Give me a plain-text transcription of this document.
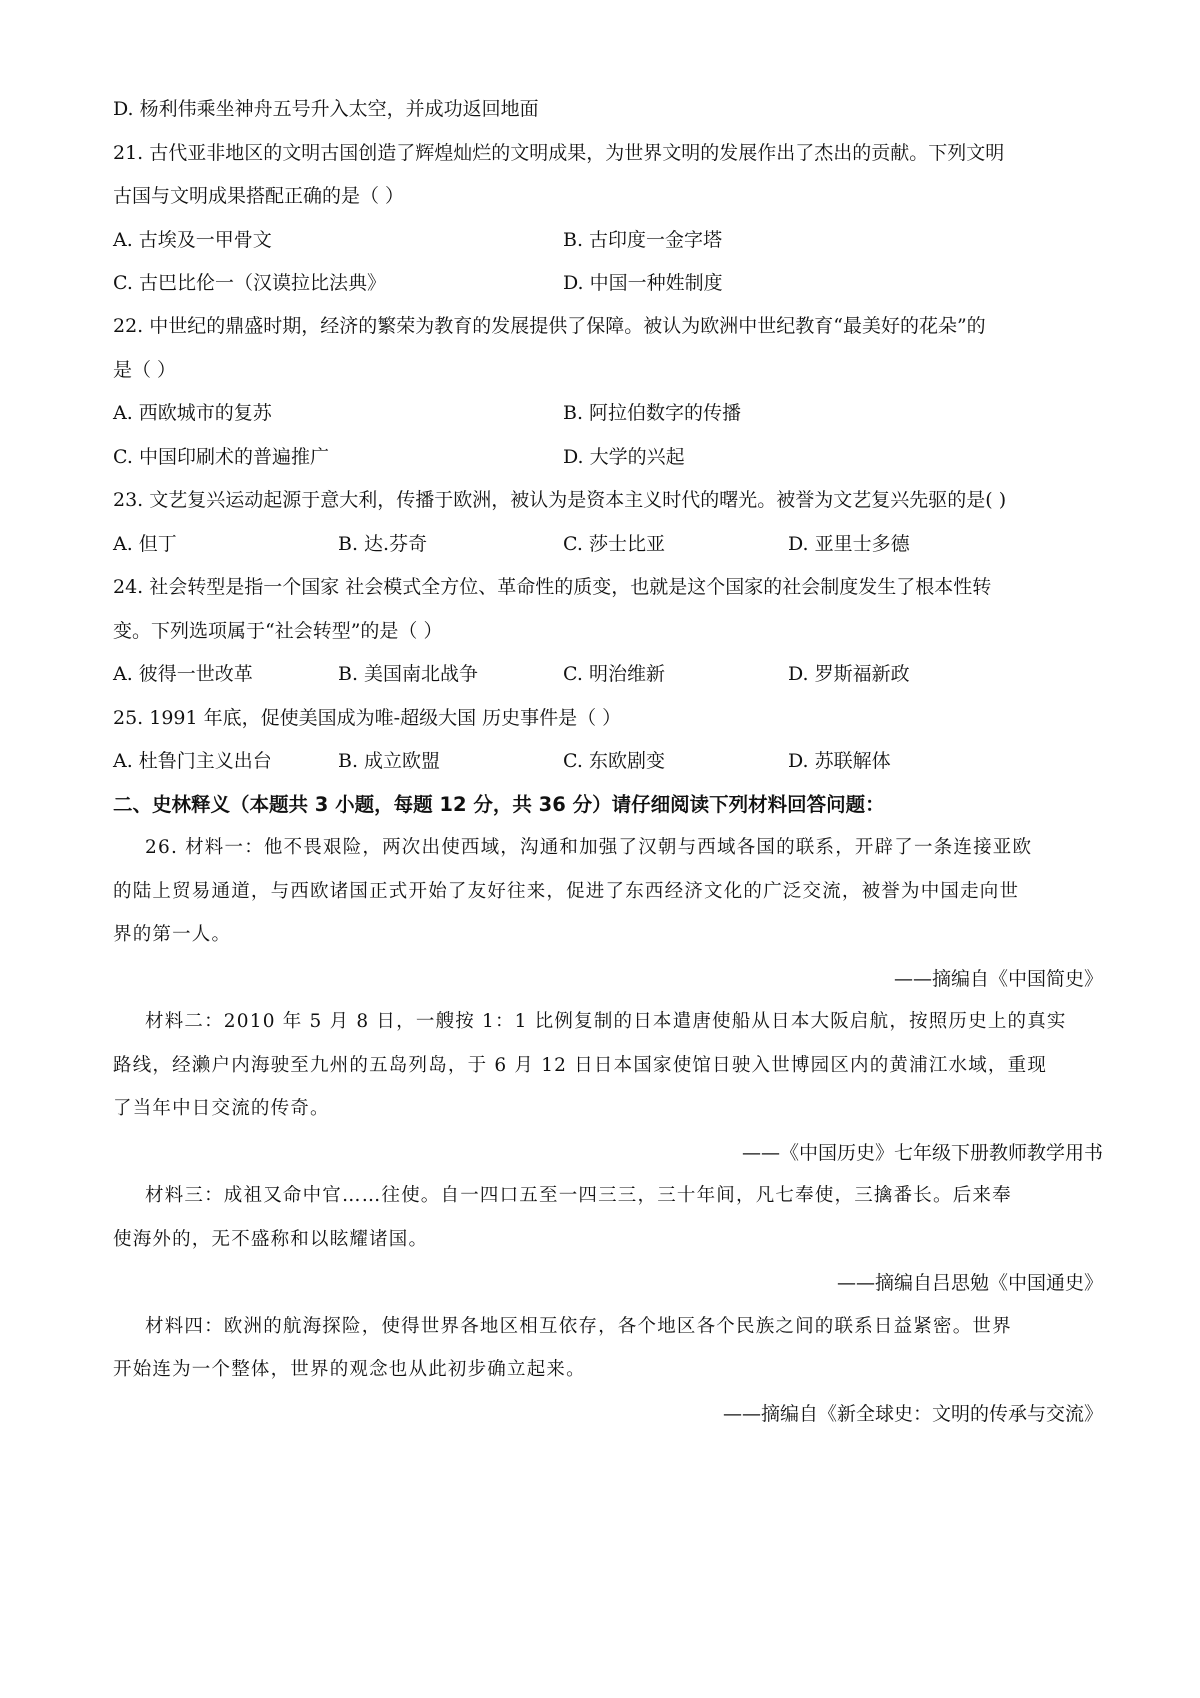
D. 杨利伟乘坐神舟五号升入太空，并成功返回地面
21. 古代亚非地区的文明古国创造了辉煌灿烂的文明成果，为世界文明的发展作出了杰出的贡献。下列文明
古国与文明成果搭配正确的是（ ）
A. 古埃及一甲骨文	B. 古印度一金字塔
C. 古巴比伦一（汉谟拉比法典》	D. 中国一种姓制度
22. 中世纪的鼎盛时期，经济的繁荣为教育的发展提供了保障。被认为欧洲中世纪教育“最美好的花朵”的
是（ ）
A. 西欧城市的复苏	B. 阿拉伯数字的传播
C. 中国印刷术的普遍推广	D. 大学的兴起
23. 文艺复兴运动起源于意大利，传播于欧洲，被认为是资本主义时代的曙光。被誉为文艺复兴先驱的是( )
A. 但丁	B. 达.芬奇	C. 莎士比亚	D. 亚里士多德
24. 社会转型是指一个国家 社会模式全方位、革命性的质变，也就是这个国家的社会制度发生了根本性转
变。下列选项属于“社会转型”的是（ ）
A. 彼得一世改革	B. 美国南北战争	C. 明治维新	D. 罗斯福新政
25. 1991 年底，促使美国成为唯-超级大国 历史事件是（ ）
A. 杜鲁门主义出台	B. 成立欧盟	C. 东欧剧变	D. 苏联解体
二、史林释义（本题共 3 小题，每题 12 分，共 36 分）请仔细阅读下列材料回答问题：
26. 材料一：他不畏艰险，两次出使西域，沟通和加强了汉朝与西域各国的联系，开辟了一条连接亚欧
的陆上贸易通道，与西欧诸国正式开始了友好往来，促进了东西经济文化的广泛交流，被誉为中国走向世
界的第一人。
——摘编自《中国简史》
材料二：2010 年 5 月 8 日，一艘按 1：1 比例复制的日本遣唐使船从日本大阪启航，按照历史上的真实
路线，经濑户内海驶至九州的五岛列岛，于 6 月 12 日日本国家使馆日驶入世博园区内的黄浦江水域，重现
了当年中日交流的传奇。
——《中国历史》七年级下册教师教学用书
材料三：成祖又命中官……往使。自一四口五至一四三三，三十年间，凡七奉使，三擒番长。后来奉
使海外的，无不盛称和以眩耀诸国。
——摘编自吕思勉《中国通史》
材料四：欧洲的航海探险，使得世界各地区相互依存，各个地区各个民族之间的联系日益紧密。世界
开始连为一个整体，世界的观念也从此初步确立起来。
——摘编自《新全球史：文明的传承与交流》
